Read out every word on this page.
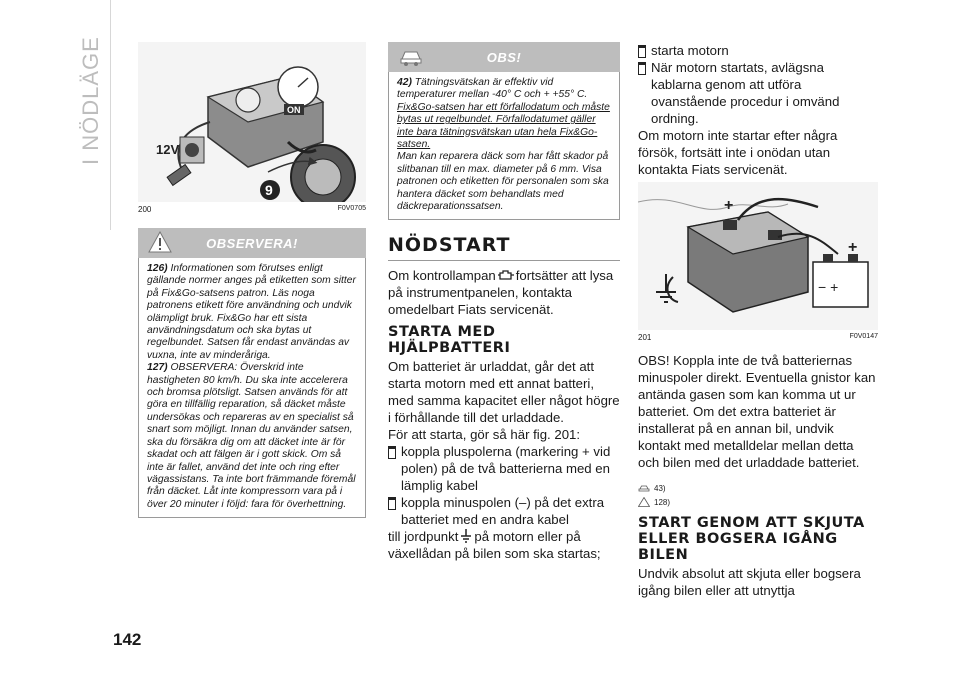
I NÖDLÄGE
142
12V
ON
9
200	F0V0705
OBSERVERA!

126) Informationen som förutses enligt gällande normer anges på etiketten som sitter på Fix&Go-satsens patron. Läs noga patronens etikett före användning och undvik olämpligt bruk. Fix&Go har ett sista användningsdatum och ska bytas ut regelbundet. Satsen får endast användas av vuxna, inte av minderåriga.

127) OBSERVERA: Överskrid inte hastigheten 80 km/h. Du ska inte accelerera och bromsa plötsligt. Satsen används för att göra en tillfällig reparation, så däcket måste undersökas och repareras av en specialist så snart som möjligt. Innan du använder satsen, ska du försäkra dig om att däcket inte är för skadat och att fälgen är i gott skick. Om så inte är fallet, använd det inte och ring efter vägassistans. Ta inte bort främmande föremål från däcket. Låt inte kompressorn vara på i över 20 minuter i följd: fara för överhettning.

OBS!

42) Tätningsvätskan är effektiv vid temperaturer mellan -40° C och + +55° C.

Fix&Go-satsen har ett förfallodatum och måste bytas ut regelbundet. Förfallodatumet gäller inte bara tätningsvätskan utan hela Fix&Go-satsen.

Man kan reparera däck som har fått skador på slitbanan till en max. diameter på 6 mm. Visa patronen och etiketten för personalen som ska hantera däcket som behandlats med däckreparationssatsen.

NÖDSTART

Om kontrollampan fortsätter att lysa på instrumentpanelen, kontakta omedelbart Fiats servicenät.

STARTA MED HJÄLPBATTERI

Om batteriet är urladdat, går det att starta motorn med ett annat batteri, med samma kapacitet eller något högre i förhållande till det urladdade.

För att starta, gör så här fig. 201:

koppla pluspolerna (markering + vid polen) på de två batterierna med en lämplig kabel

koppla minuspolen (–) på det extra batteriet med en andra kabel

till jordpunkt på motorn eller på växellådan på bilen som ska startas;

starta motorn

När motorn startats, avlägsna kablarna genom att utföra ovanstående procedur i omvänd ordning.

Om motorn inte startar efter några försök, fortsätt inte i onödan utan kontakta Fiats servicenät.

+
+
− +
201	F0V0147

OBS! Koppla inte de två batteriernas minuspoler direkt. Eventuella gnistor kan antända gasen som kan komma ut ur batteriet. Om det extra batteriet är installerat på en annan bil, undvik kontakt med metalldelar mellan detta och bilen med det urladdade batteriet.

43)
128)
START GENOM ATT SKJUTA ELLER BOGSERA IGÅNG BILEN

Undvik absolut att skjuta eller bogsera igång bilen eller att utnyttja
